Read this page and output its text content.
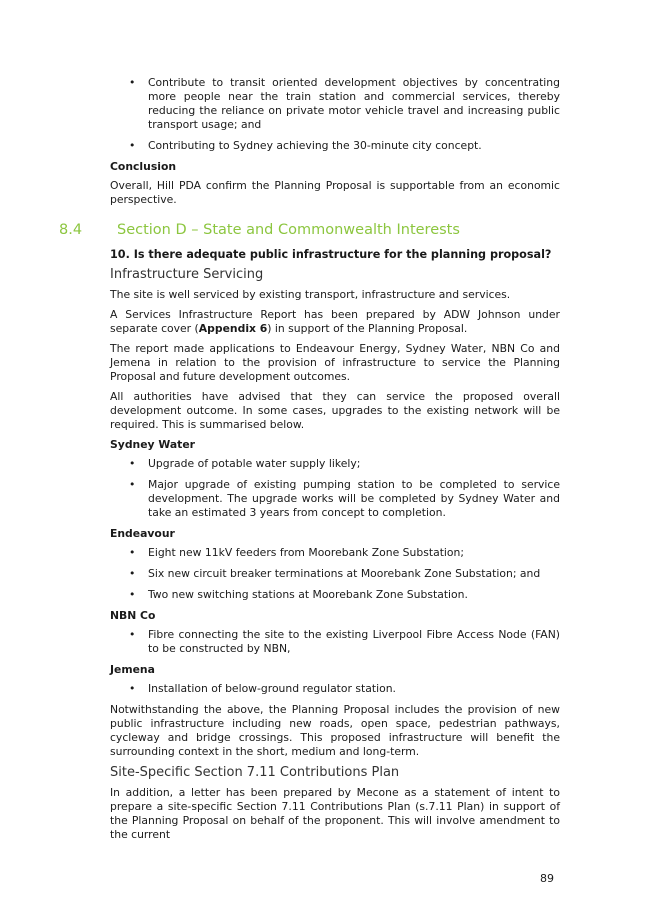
• Contribute to transit oriented development objectives by concentrating more people near the train station and commercial services, thereby reducing the reliance on private motor vehicle travel and increasing public transport usage; and

• Contributing to Sydney achieving the 30-minute city concept.

Conclusion

Overall, Hill PDA confirm the Planning Proposal is supportable from an economic perspective.

8.4 Section D – State and Commonwealth Interests
10. Is there adequate public infrastructure for the planning proposal?
Infrastructure Servicing

The site is well serviced by existing transport, infrastructure and services.

A Services Infrastructure Report has been prepared by ADW Johnson under separate cover (Appendix 6) in support of the Planning Proposal.

The report made applications to Endeavour Energy, Sydney Water, NBN Co and Jemena in relation to the provision of infrastructure to service the Planning Proposal and future development outcomes.

All authorities have advised that they can service the proposed overall development outcome. In some cases, upgrades to the existing network will be required. This is summarised below.

Sydney Water
• Upgrade of potable water supply likely;

• Major upgrade of existing pumping station to be completed to service development. The upgrade works will be completed by Sydney Water and take an estimated 3 years from concept to completion.

Endeavour
• Eight new 11kV feeders from Moorebank Zone Substation;

• Six new circuit breaker terminations at Moorebank Zone Substation; and

• Two new switching stations at Moorebank Zone Substation.

NBN Co
• Fibre connecting the site to the existing Liverpool Fibre Access Node (FAN) to be constructed by NBN,

Jemena
• Installation of below-ground regulator station.

Notwithstanding the above, the Planning Proposal includes the provision of new public infrastructure including new roads, open space, pedestrian pathways, cycleway and bridge crossings. This proposed infrastructure will benefit the surrounding context in the short, medium and long-term.

Site-Specific Section 7.11 Contributions Plan

In addition, a letter has been prepared by Mecone as a statement of intent to prepare a site-specific Section 7.11 Contributions Plan (s.7.11 Plan) in support of the Planning Proposal on behalf of the proponent. This will involve amendment to the current

89
